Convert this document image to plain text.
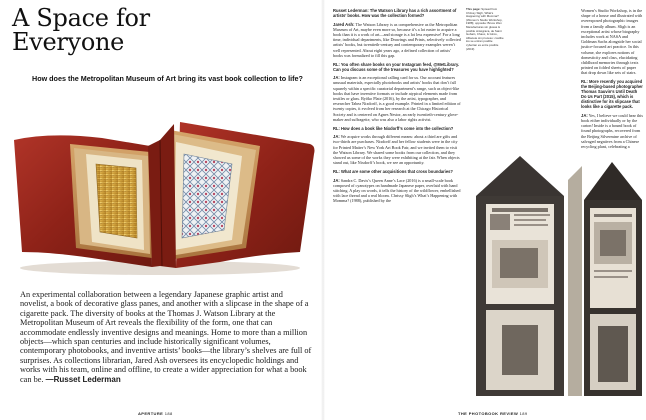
A Space for Everyone
How does the Metropolitan Museum of Art bring its vast book collection to life?
An experimental collaboration between a legendary Japanese graphic artist and novelist, a book of decorative glass panes, and another with a slipcase in the shape of a cigarette pack. The diversity of books at the Thomas J. Watson Library at the Metropolitan Museum of Art reveals the flexibility of the form, one that can accommodate endlessly inventive designs and meanings. Home to more than a million objects—which span centuries and include historically significant volumes, contemporary photobooks, and inventive artists’ books—the library’s shelves are full of surprises. As collections librarian, Jared Ash oversees its encyclopedic holdings and works with his team, online and offline, to create a wider appreciation for what a book can be. —Russet Lederman
APERTURE 188

Russet Lederman: The Watson Library has a rich assortment of artists’ books. How was the collection formed?

Jared Ash: The Watson Library is as comprehensive as the Metropolitan Museum of Art, maybe even more so, because it’s a lot easier to acquire a book than it is a work of art—and storage is a lot less expensive! For a long time, individual departments, like Drawings and Prints, selectively collected artists’ books, but twentieth-century and contemporary examples weren’t well represented. About eight years ago, a defined collection of artists’ books was formalized to fill this gap.

RL: You often share books on your Instagram feed, @MetLibrary. Can you discuss some of the treasures you have highlighted?

JA: Instagram is an exceptional calling card for us. Our account features unusual materials, especially photobooks and artists’ books that don’t fall squarely within a specific curatorial department’s range, such as object-like books that have inventive formats or include atypical elements made from textiles or glass. Ryōko Plate (2016), by the artist, typographer, and researcher Tabea Nixdorff, is a good example. Printed in a limited edition of twenty copies, it evolved from her research at the Chicago Historical Society and is centered on Agnes Nestor, an early twentieth-century glove-maker and suffragette, who was also a labor rights activist.

RL: How does a book like Nixdorff’s come into the collection?

JA: We acquire works through different means: about a third are gifts and two-thirds are purchases. Nixdorff and her fellow students were in the city for Printed Matter’s New York Art Book Fair, and we invited them to visit the Watson Library. We shared some books from our collection, and they showed us some of the works they were exhibiting at the fair. When objects stand out, like Nixdorff’s book, we see an opportunity.

RL: What are some other acquisitions that cross boundaries?

JA: Sandra C. Davis’s Queen Anne’s Lace (2016) is a small-scale book composed of cyanotypes on handmade Japanese paper, overlaid with hand stitching. A play on words, it tells the history of the wildflower, embellished with lace thread and a real bloom. Chrissy Sligh’s What’s Happening with Momma? (1988), published by the

This page: Spread from Chrissy Sligh, What’s Happening with Momma? (Women’s Studio Workshop, 1988); opposite: Bruce Wen Manufacturas sin glosas & posible sintégraca, de Saint Gobain, Chaux, & Gtros, Albacete sin proceso: costibe los se entran posible cybertan es entre posible (2019)

Women’s Studio Workshop, is in the shape of a house and illustrated with overexposed photographic images from a family album. Sligh is an exceptional artist whose biography includes work at NASA and Goldman Sachs alongside her social justice-focused art practice. In this volume, she explores notions of domesticity and class, elucidating childhood memories through texts printed on folded sheets of paper that drop down like sets of stairs.

RL: More recently you acquired the Beijing-based photographer Thomas Sauvin’s Until Death Do Us Part (2015), which is distinctive for its slipcase that looks like a cigarette pack.

JA: Yes, I believe we could hear this book either individually or by the carton! Inside is a bound book of found photographs, recovered from the Beijing Silvermine archive of salvaged negatives from a Chinese recycling plant, celebrating a

THE PHOTOBOOK REVIEW 189
